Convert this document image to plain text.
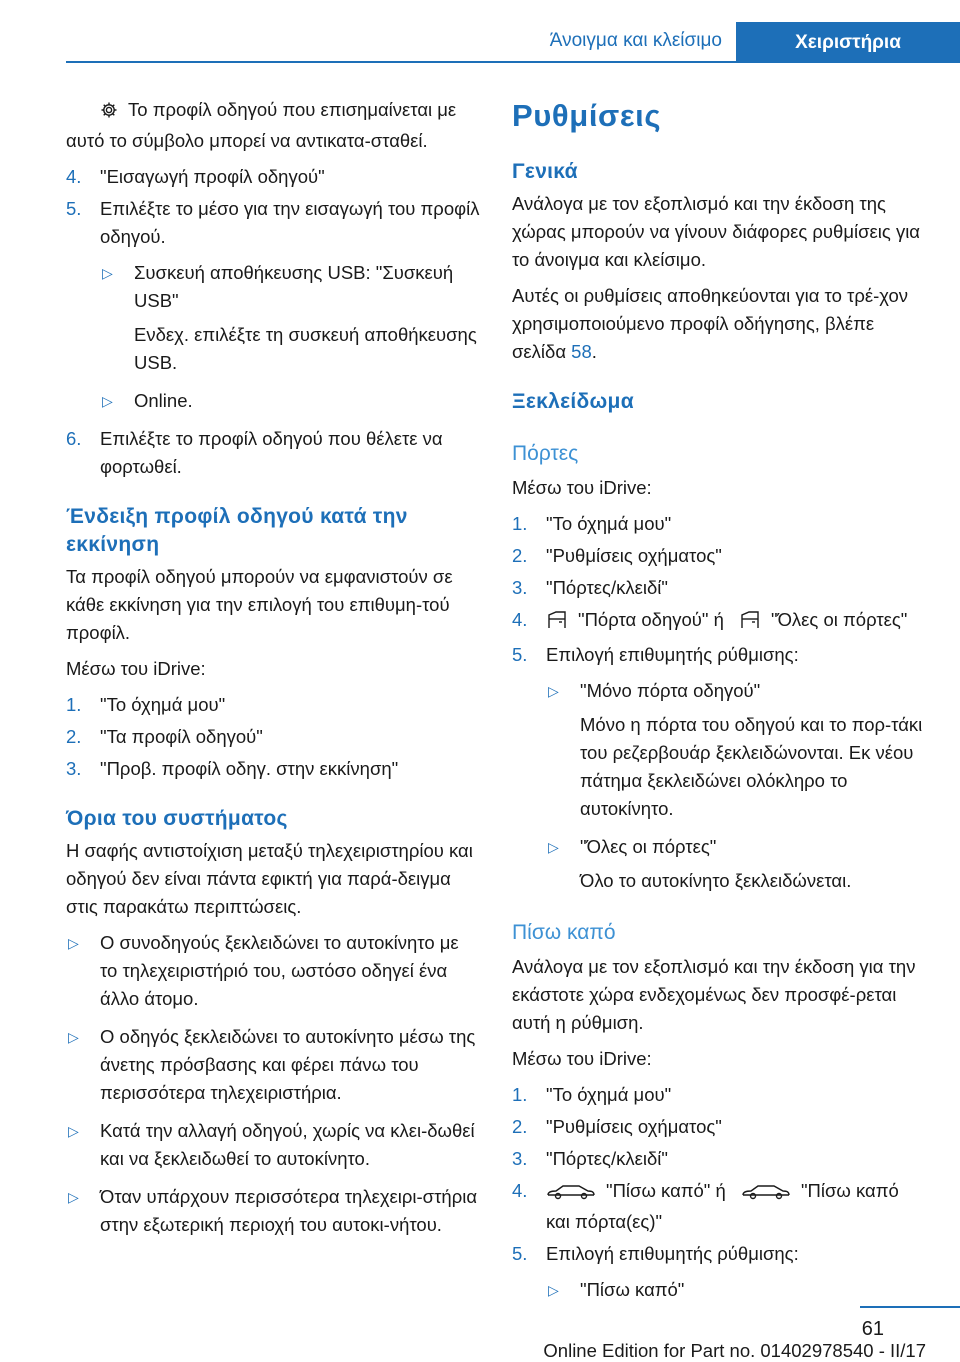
Άνοιγμα και κλείσιμο	Χειριστήρια

Το προφίλ οδηγού που επισημαίνεται με αυτό το σύμβολο μπορεί να αντικατα‐σταθεί.

4. "Εισαγωγή προφίλ οδηγού"
5. Επιλέξτε το μέσο για την εισαγωγή του προφίλ οδηγού.
▷ Συσκευή αποθήκευσης USB: "Συσκευή USB"
Ενδεχ. επιλέξτε τη συσκευή αποθήκευσης USB.
▷ Online.
6. Επιλέξτε το προφίλ οδηγού που θέλετε να φορτωθεί.
Ένδειξη προφίλ οδηγού κατά την εκκίνηση

Τα προφίλ οδηγού μπορούν να εμφανιστούν σε κάθε εκκίνηση για την επιλογή του επιθυμη‐τού προφίλ.

Μέσω του iDrive:

1. "Το όχημά μου"
2. "Τα προφίλ οδηγού"
3. "Προβ. προφίλ οδηγ. στην εκκίνηση"
Όρια του συστήματος

Η σαφής αντιστοίχιση μεταξύ τηλεχειριστηρίου και οδηγού δεν είναι πάντα εφικτή για παρά‐δειγμα στις παρακάτω περιπτώσεις.

▷ Ο συνοδηγούς ξεκλειδώνει το αυτοκίνητο με το τηλεχειριστήριό του, ωστόσο οδηγεί ένα άλλο άτομο.
▷ Ο οδηγός ξεκλειδώνει το αυτοκίνητο μέσω της άνετης πρόσβασης και φέρει πάνω του περισσότερα τηλεχειριστήρια.
▷ Κατά την αλλαγή οδηγού, χωρίς να κλει‐δωθεί και να ξεκλειδωθεί το αυτοκίνητο.
▷ Όταν υπάρχουν περισσότερα τηλεχειρι‐στήρια στην εξωτερική περιοχή του αυτοκι‐νήτου.
Ρυθμίσεις
Γενικά

Ανάλογα με τον εξοπλισμό και την έκδοση της χώρας μπορούν να γίνουν διάφορες ρυθμίσεις για το άνοιγμα και κλείσιμο.

Αυτές οι ρυθμίσεις αποθηκεύονται για το τρέ‐χον χρησιμοποιούμενο προφίλ οδήγησης, βλέπε σελίδα 58.

Ξεκλείδωμα
Πόρτες

Μέσω του iDrive:

1. "Το όχημά μου"
2. "Ρυθμίσεις οχήματος"
3. "Πόρτες/κλειδί"
4.	"Πόρτα οδηγού" ή	"Όλες οι πόρτες"
5. Επιλογή επιθυμητής ρύθμισης:
▷ "Μόνο πόρτα οδηγού"
Μόνο η πόρτα του οδηγού και το πορ‐τάκι του ρεζερβουάρ ξεκλειδώνονται. Εκ νέου πάτημα ξεκλειδώνει ολόκληρο το αυτοκίνητο.
▷ "Όλες οι πόρτες"
Όλο το αυτοκίνητο ξεκλειδώνεται.
Πίσω καπό

Ανάλογα με τον εξοπλισμό και την έκδοση για την εκάστοτε χώρα ενδεχομένως δεν προσφέ‐ρεται αυτή η ρύθμιση.

Μέσω του iDrive:

1. "Το όχημά μου"
2. "Ρυθμίσεις οχήματος"
3. "Πόρτες/κλειδί"
4.	"Πίσω καπό" ή	"Πίσω καπό και πόρτα(ες)"
5. Επιλογή επιθυμητής ρύθμισης:
▷ "Πίσω καπό"
61
Online Edition for Part no. 01402978540 - II/17
